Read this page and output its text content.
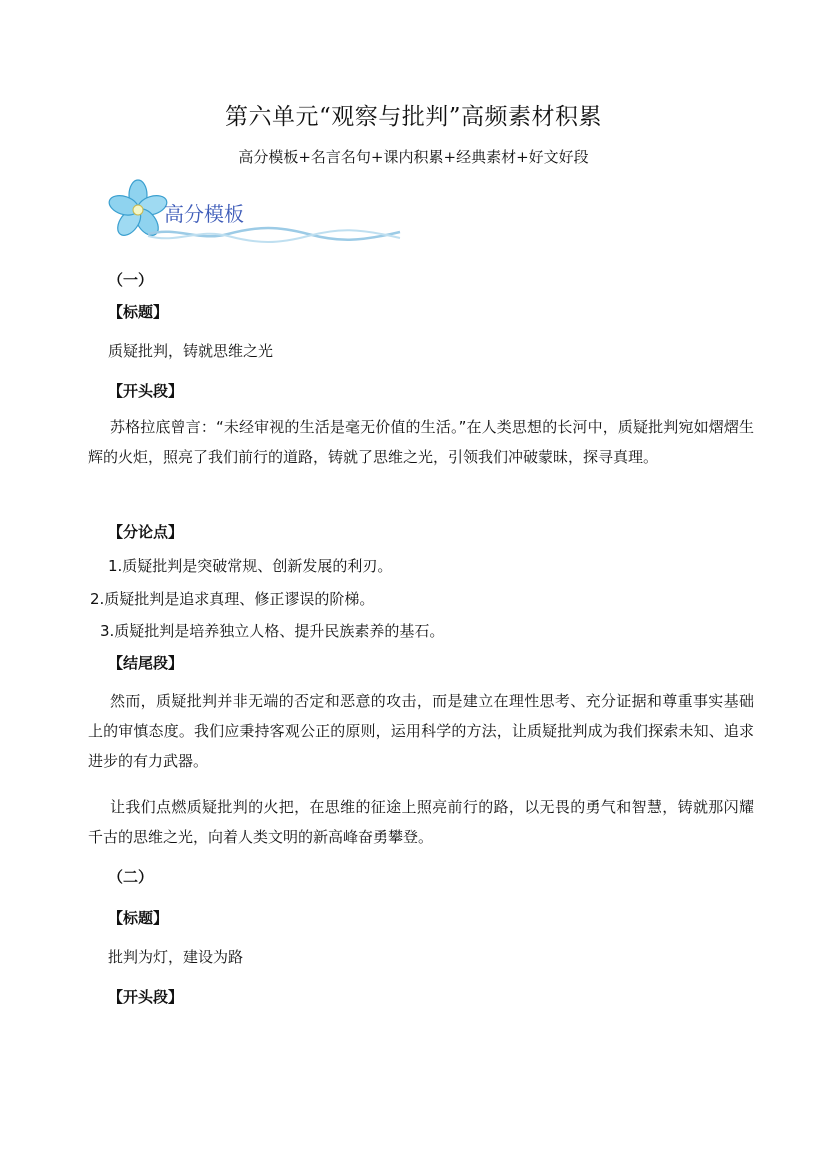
第六单元“观察与批判”高频素材积累
高分模板+名言名句+课内积累+经典素材+好文好段
高分模板
（一）
【标题】
质疑批判，铸就思维之光
【开头段】
苏格拉底曾言：“未经审视的生活是毫无价值的生活。”在人类思想的长河中，质疑批判宛如熠熠生辉的火炬，照亮了我们前行的道路，铸就了思维之光，引领我们冲破蒙昧，探寻真理。
【分论点】
1.质疑批判是突破常规、创新发展的利刃。
2.质疑批判是追求真理、修正谬误的阶梯。
3.质疑批判是培养独立人格、提升民族素养的基石。
【结尾段】
然而，质疑批判并非无端的否定和恶意的攻击，而是建立在理性思考、充分证据和尊重事实基础上的审慎态度。我们应秉持客观公正的原则，运用科学的方法，让质疑批判成为我们探索未知、追求进步的有力武器。
让我们点燃质疑批判的火把，在思维的征途上照亮前行的路，以无畏的勇气和智慧，铸就那闪耀千古的思维之光，向着人类文明的新高峰奋勇攀登。
（二）
【标题】
批判为灯，建设为路
【开头段】
